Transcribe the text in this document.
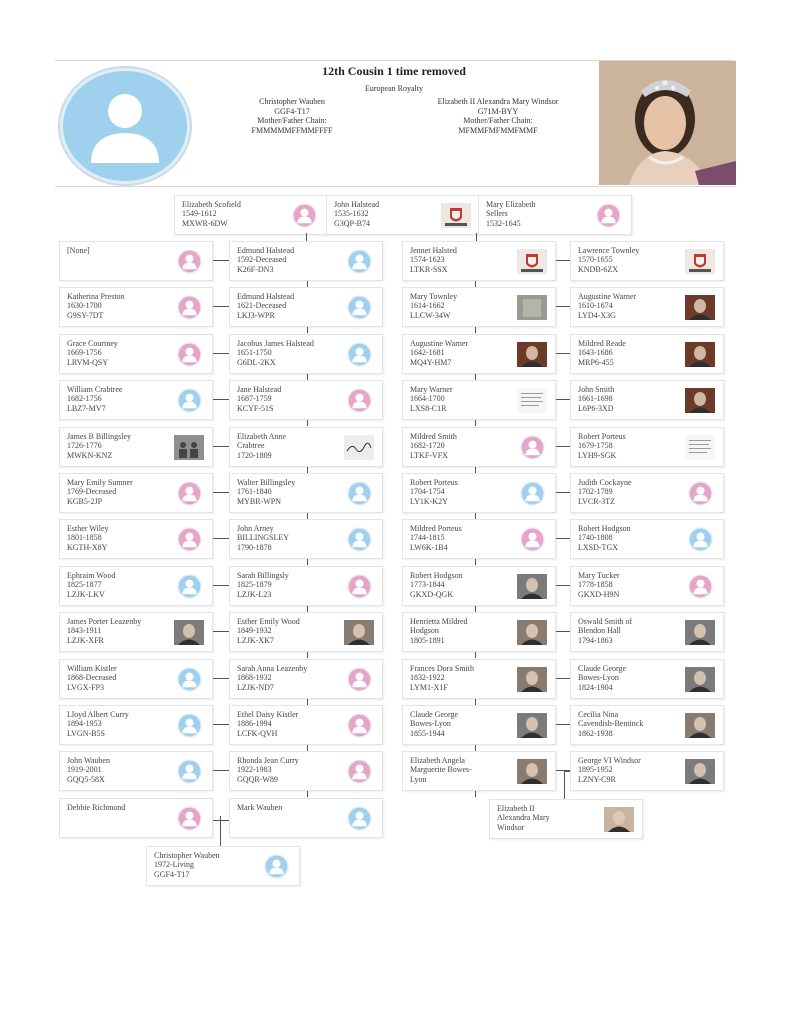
12th Cousin 1 time removed
European Royalty
Christopher Wauben
GGF4-T17
Mother/Father Chain:
FMMMMMFFMMFFFF
Elizabeth II Alexandra Mary Windsor
G71M-BYY
Mother/Father Chain:
MFMMFMFMMFMMF
Elizabeth Scofield
1549-1612
MXWR-6DW
John Halstead
1535-1632
G3QP-B74
Mary Elizabeth
Sellers
1532-1645
[None]

Katherina Preston
1630-1700
G9SY-7DT
Grace Courtney
1669-1756
LRVM-QSY
William Crabtree
1682-1756
LBZ7-MV7
James B Billingsley
1726-1776
MWKN-KNZ
Mary Emily Sumner
1769-Deceased
KGB5-2JP
Esther Wiley
1801-1858
KGTH-X8Y
Ephraim Wood
1825-1877
LZJK-LKV
James Porter Leazenby
1843-1911
LZJK-XFR
William Kistler
1868-Deceased
LVGX-FP3
Lloyd Albert Curry
1894-1953
LVGN-B5S
John Wauben
1919-2001
GQQ5-58X
Debbie Richmond

Edmund Halstead
1592-Deceased
K26F-DN3
Edmund Halstead
1621-Deceased
LKJ3-WPR
Jacobus James Halstead
1651-1750
G6DL-2KX
Jane Halstead
1687-1759
KCYF-51S
Elizabeth Anne
Crabtree
1720-1809
Walter Billingsley
1761-1840
MYBR-WPN
John Arney
BILLINGSLEY
1790-1878
Sarah Billingsly
1825-1879
LZJK-L23
Esther Emily Wood
1849-1932
LZJK-XK7
Sarah Anna Leazenby
1868-1932
LZJK-ND7
Ethel Daisy Kistler
1886-1994
LCFK-QVH
Rhonda Jean Curry
1922-1983
GQQR-W89
Mark Wauben

Jennet Halsted
1574-1623
LTKR-SSX
Mary Townley
1614-1662
LLCW-34W
Augustine Warner
1642-1681
MQ4Y-HM7
Mary Warner
1664-1700
LXS8-C1R
Mildred Smith
1682-1720
LTKF-VFX
Robert Porteus
1704-1754
LY1K-K2Y
Mildred Porteus
1744-1815
LW6K-1B4
Robert Hodgson
1773-1844
GKXD-QGK
Henrietta Mildred
Hodgson
1805-1891
Frances Dora Smith
1832-1922
LYM1-X1F
Claude George
Bowes-Lyon
1855-1944
Elizabeth Angela
Marguerite Bowes-
Lyon
Lawrence Townley
1570-1655
KNDB-6ZX
Augustine Warner
1610-1674
LYD4-X3G
Mildred Reade
1643-1686
MRP6-455
John Smith
1661-1698
L6P6-3XD
Robert Porteus
1679-1758
LYH9-SGK
Judith Cockayne
1702-1789
LVCR-3TZ
Robert Hodgson
1740-1808
LXSD-TGX
Mary Tucker
1778-1858
GKXD-H9N
Oswald Smith of
Blendon Hall
1794-1863
Claude George
Bowes-Lyon
1824-1904
Cecilia Nina
Cavendish-Bentinck
1862-1938
George VI Windsor
1895-1952
LZNY-C9R
Elizabeth II
Alexandra Mary
Windsor
Christopher Wauben
1972-Living
GGF4-T17
